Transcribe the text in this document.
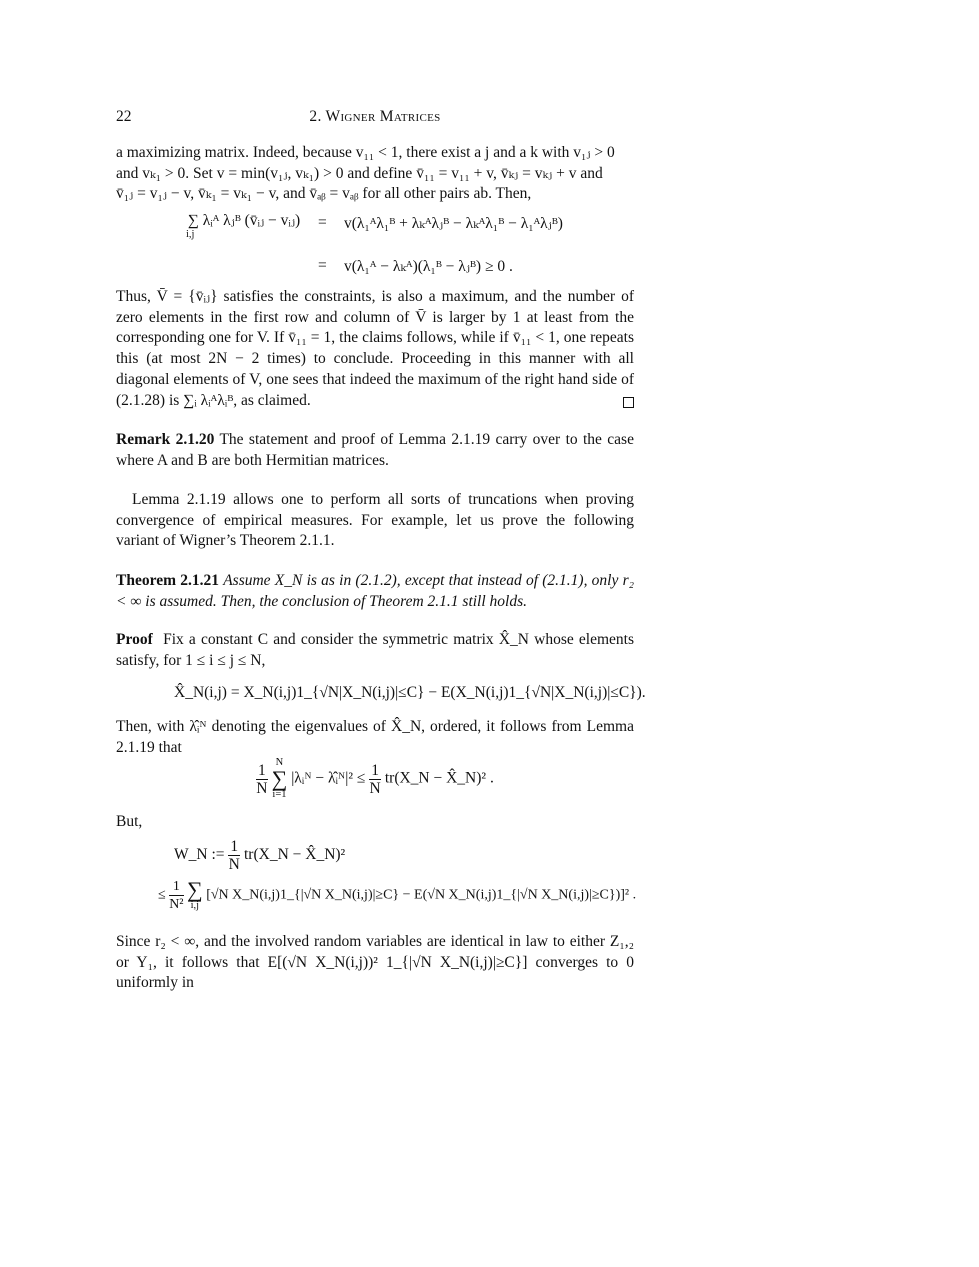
22	2. Wigner Matrices

a maximizing matrix. Indeed, because v₁₁ < 1, there exist a j and a k with v₁ⱼ > 0

and vₖ₁ > 0. Set v = min(v₁ⱼ, vₖ₁) > 0 and define v̄₁₁ = v₁₁ + v, v̄ₖⱼ = vₖⱼ + v and

v̄₁ⱼ = v₁ⱼ − v, v̄ₖ₁ = vₖ₁ − v, and v̄ₐᵦ = vₐᵦ for all other pairs ab. Then,

∑ λᵢᴬ λⱼᴮ (v̄ᵢⱼ − vᵢⱼ)
i,j
= v(λ₁ᴬλ₁ᴮ + λₖᴬλⱼᴮ − λₖᴬλ₁ᴮ − λ₁ᴬλⱼᴮ)
= v(λ₁ᴬ − λₖᴬ)(λ₁ᴮ − λⱼᴮ) ≥ 0 .

Thus, V̄ = {v̄ᵢⱼ} satisfies the constraints, is also a maximum, and the number of zero elements in the first row and column of V̄ is larger by 1 at least from the corresponding one for V. If v̄₁₁ = 1, the claims follows, while if v̄₁₁ < 1, one repeats this (at most 2N − 2 times) to conclude. Proceeding in this manner with all diagonal elements of V, one sees that indeed the maximum of the right hand side of (2.1.28) is ∑ᵢ λᵢᴬλᵢᴮ, as claimed.

Remark 2.1.20 The statement and proof of Lemma 2.1.19 carry over to the case where A and B are both Hermitian matrices.

Lemma 2.1.19 allows one to perform all sorts of truncations when proving convergence of empirical measures. For example, let us prove the following variant of Wigner’s Theorem 2.1.1.

Theorem 2.1.21 Assume X_N is as in (2.1.2), except that instead of (2.1.1), only r₂ < ∞ is assumed. Then, the conclusion of Theorem 2.1.1 still holds.

Proof Fix a constant C and consider the symmetric matrix X̂_N whose elements satisfy, for 1 ≤ i ≤ j ≤ N,

X̂_N(i,j) = X_N(i,j)1_{√N|X_N(i,j)|≤C} − E(X_N(i,j)1_{√N|X_N(i,j)|≤C}).

Then, with λ̂ᵢᴺ denoting the eigenvalues of X̂_N, ordered, it follows from Lemma 2.1.19 that

$\frac{1}{N}$
N
∑
i=1
|λᵢᴺ − λ̂ᵢᴺ|² ≤ $\frac{1}{N}$ tr(X_N − X̂_N)² .

But,

W_N := $\frac{1}{N}$ tr(X_N − X̂_N)²
≤ $\frac{1}{\text{N²}}$
∑
i,j
[√N X_N(i,j)1_{|√N X_N(i,j)|≥C} − E(√N X_N(i,j)1_{|√N X_N(i,j)|≥C})]² .

Since r₂ < ∞, and the involved random variables are identical in law to either Z₁,₂ or Y₁, it follows that E[(√N X_N(i,j))² 1_{|√N X_N(i,j)|≥C}] converges to 0 uniformly in
